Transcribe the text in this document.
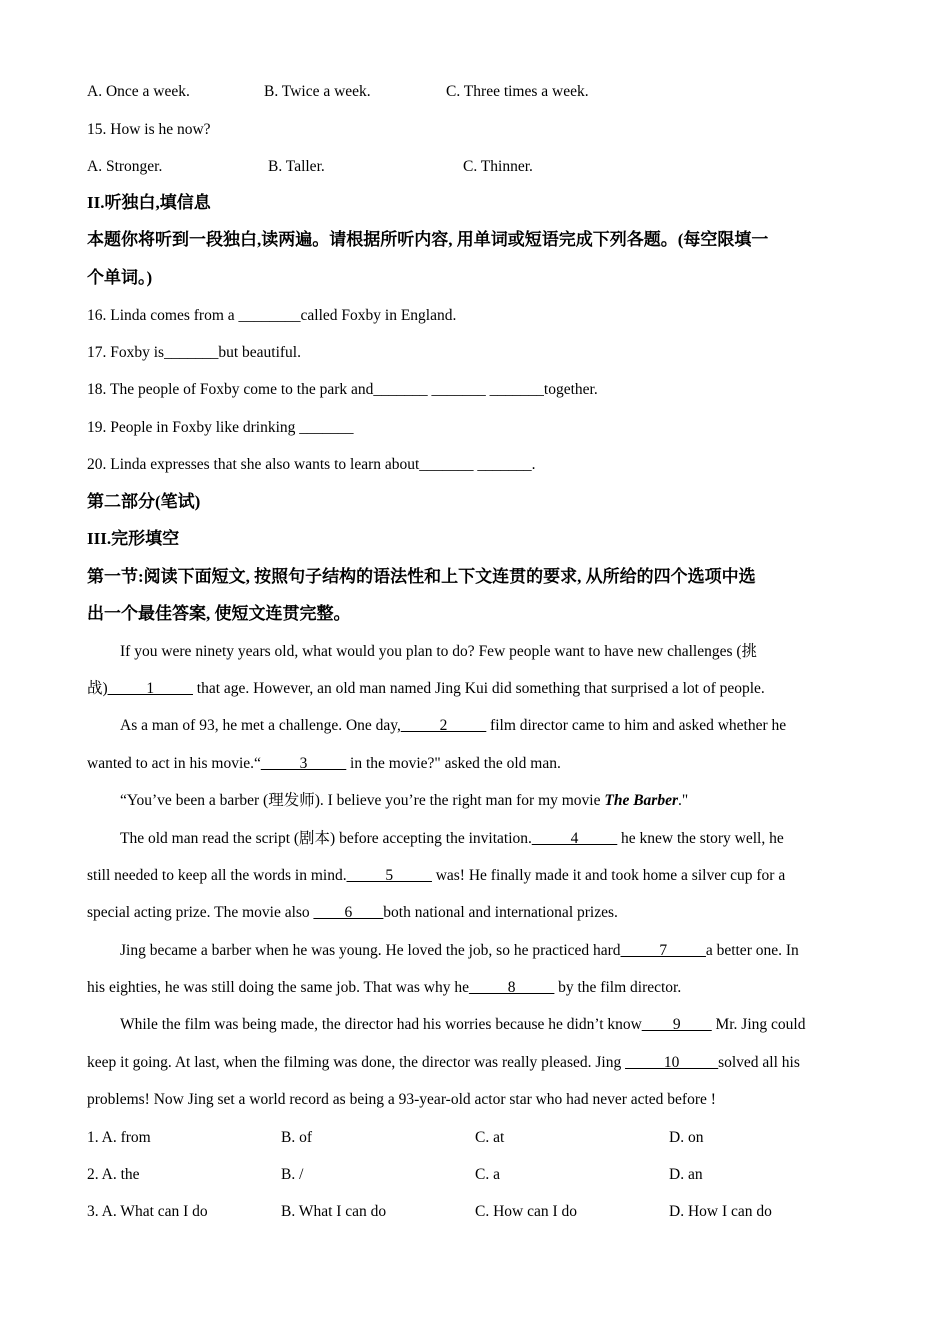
A. Once a week.	B. Twice a week.	C. Three times a week.
15. How is he now?
A. Stronger.	B. Taller.	C. Thinner.
II.听独白,填信息
本题你将听到一段独白,读两遍。请根据所听内容, 用单词或短语完成下列各题。(每空限填一
个单词。)
16. Linda comes from a ________called Foxby in England.
17. Foxby is_______but beautiful.
18. The people of Foxby come to the park and_______ _______ _______together.
19. People in Foxby like drinking _______
20. Linda expresses that she also wants to learn about_______ _______.
第二部分(笔试)
III.完形填空
第一节:阅读下面短文, 按照句子结构的语法性和上下文连贯的要求, 从所给的四个选项中选
出一个最佳答案, 使短文连贯完整。
If you were ninety years old, what would you plan to do? Few people want to have new challenges (挑
战)_____1_____ that age. However, an old man named Jing Kui did something that surprised a lot of people.
As a man of 93, he met a challenge. One day,_____2_____ film director came to him and asked whether he
wanted to act in his movie.“_____3_____ in the movie?" asked the old man.
“You’ve been a barber (理发师). I believe you’re the right man for my movie The Barber."
The old man read the script (剧本) before accepting the invitation._____4_____ he knew the story well, he
still needed to keep all the words in mind._____5_____ was! He finally made it and took home a silver cup for a
special acting prize. The movie also ____6____both national and international prizes.
Jing became a barber when he was young. He loved the job, so he practiced hard_____7_____a better one. In
his eighties, he was still doing the same job. That was why he_____8_____ by the film director.
While the film was being made, the director had his worries because he didn’t know____9____ Mr. Jing could
keep it going. At last, when the filming was done, the director was really pleased. Jing _____10_____solved all his
problems! Now Jing set a world record as being a 93-year-old actor star who had never acted before !
1. A. from	B. of	C. at	D. on
2. A. the	B. /	C. a	D. an
3. A. What can I do	B. What I can do	C. How can I do	D. How I can do
